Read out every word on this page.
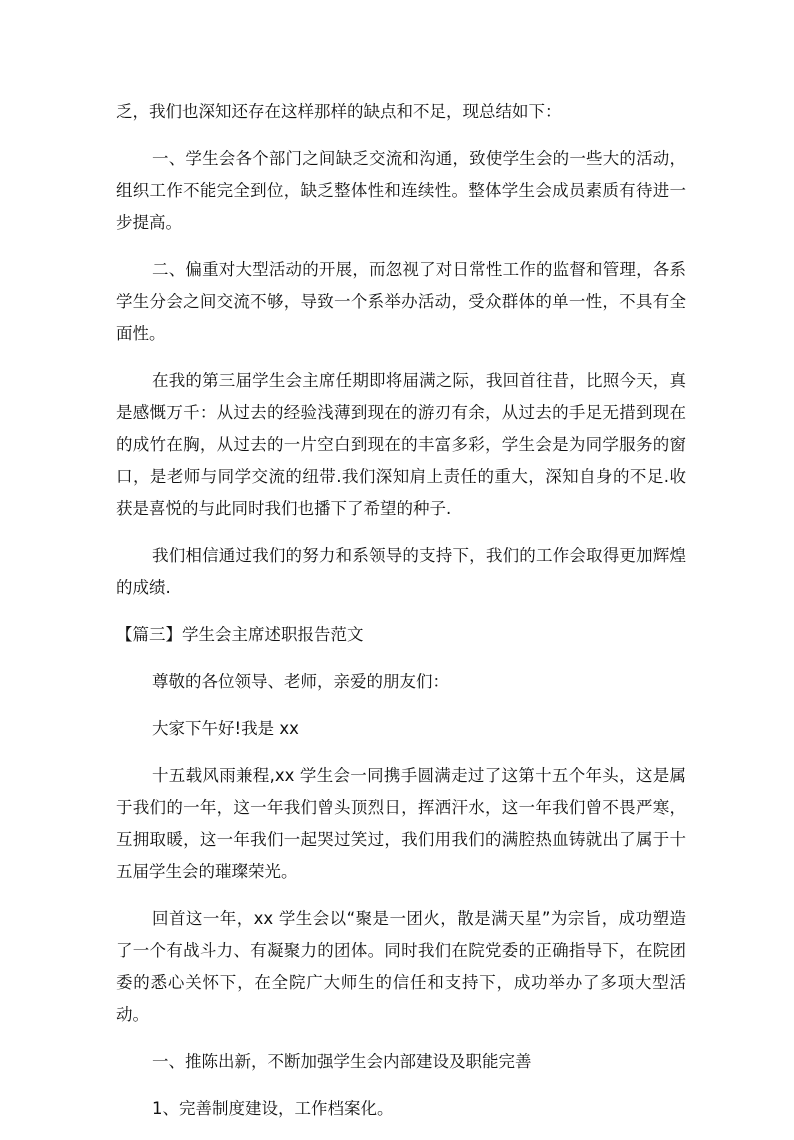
乏，我们也深知还存在这样那样的缺点和不足，现总结如下：

一、学生会各个部门之间缺乏交流和沟通，致使学生会的一些大的活动，组织工作不能完全到位，缺乏整体性和连续性。整体学生会成员素质有待进一步提高。

二、偏重对大型活动的开展，而忽视了对日常性工作的监督和管理，各系学生分会之间交流不够，导致一个系举办活动，受众群体的单一性，不具有全面性。

在我的第三届学生会主席任期即将届满之际，我回首往昔，比照今天，真是感慨万千：从过去的经验浅薄到现在的游刃有余，从过去的手足无措到现在的成竹在胸，从过去的一片空白到现在的丰富多彩，学生会是为同学服务的窗口，是老师与同学交流的纽带.我们深知肩上责任的重大，深知自身的不足.收获是喜悦的与此同时我们也播下了希望的种子.

我们相信通过我们的努力和系领导的支持下，我们的工作会取得更加辉煌的成绩.

【篇三】学生会主席述职报告范文

尊敬的各位领导、老师，亲爱的朋友们：

大家下午好!我是 xx

十五载风雨兼程,xx 学生会一同携手圆满走过了这第十五个年头，这是属于我们的一年，这一年我们曾头顶烈日，挥洒汗水，这一年我们曾不畏严寒，互拥取暖，这一年我们一起哭过笑过，我们用我们的满腔热血铸就出了属于十五届学生会的璀璨荣光。

回首这一年，xx 学生会以“聚是一团火，散是满天星”为宗旨，成功塑造了一个有战斗力、有凝聚力的团体。同时我们在院党委的正确指导下，在院团委的悉心关怀下，在全院广大师生的信任和支持下，成功举办了多项大型活动。

一、推陈出新，不断加强学生会内部建设及职能完善

1、完善制度建设，工作档案化。
